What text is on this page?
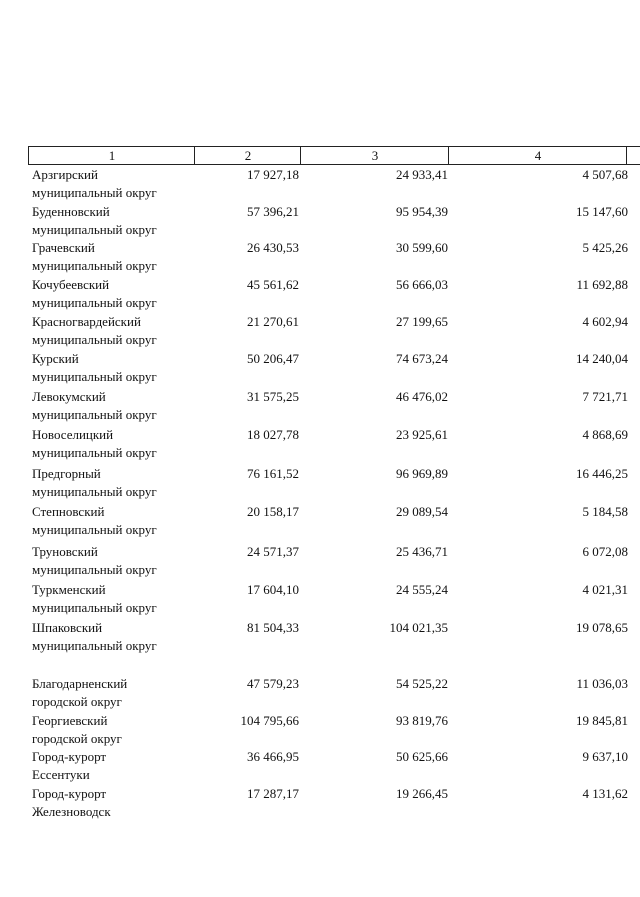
1	2	3	4
Арзгирский
муниципальный округ
17 927,18	24 933,41	4 507,68
Буденновский
муниципальный округ
57 396,21	95 954,39	15 147,60
Грачевский
муниципальный округ
26 430,53	30 599,60	5 425,26
Кочубеевский
муниципальный округ
45 561,62	56 666,03	11 692,88
Красногвардейский
муниципальный округ
21 270,61	27 199,65	4 602,94
Курский
муниципальный округ
50 206,47	74 673,24	14 240,04
Левокумский
муниципальный округ
31 575,25	46 476,02	7 721,71
Новоселицкий
муниципальный округ
18 027,78	23 925,61	4 868,69
Предгорный
муниципальный округ
76 161,52	96 969,89	16 446,25
Степновский
муниципальный округ
20 158,17	29 089,54	5 184,58
Труновский
муниципальный округ
24 571,37	25 436,71	6 072,08
Туркменский
муниципальный округ
17 604,10	24 555,24	4 021,31
Шпаковский
муниципальный округ
81 504,33	104 021,35	19 078,65
Благодарненский
городской округ
47 579,23	54 525,22	11 036,03
Георгиевский
городской округ
104 795,66	93 819,76	19 845,81
Город-курорт
Ессентуки
36 466,95	50 625,66	9 637,10
Город-курорт
Железноводск
17 287,17	19 266,45	4 131,62
